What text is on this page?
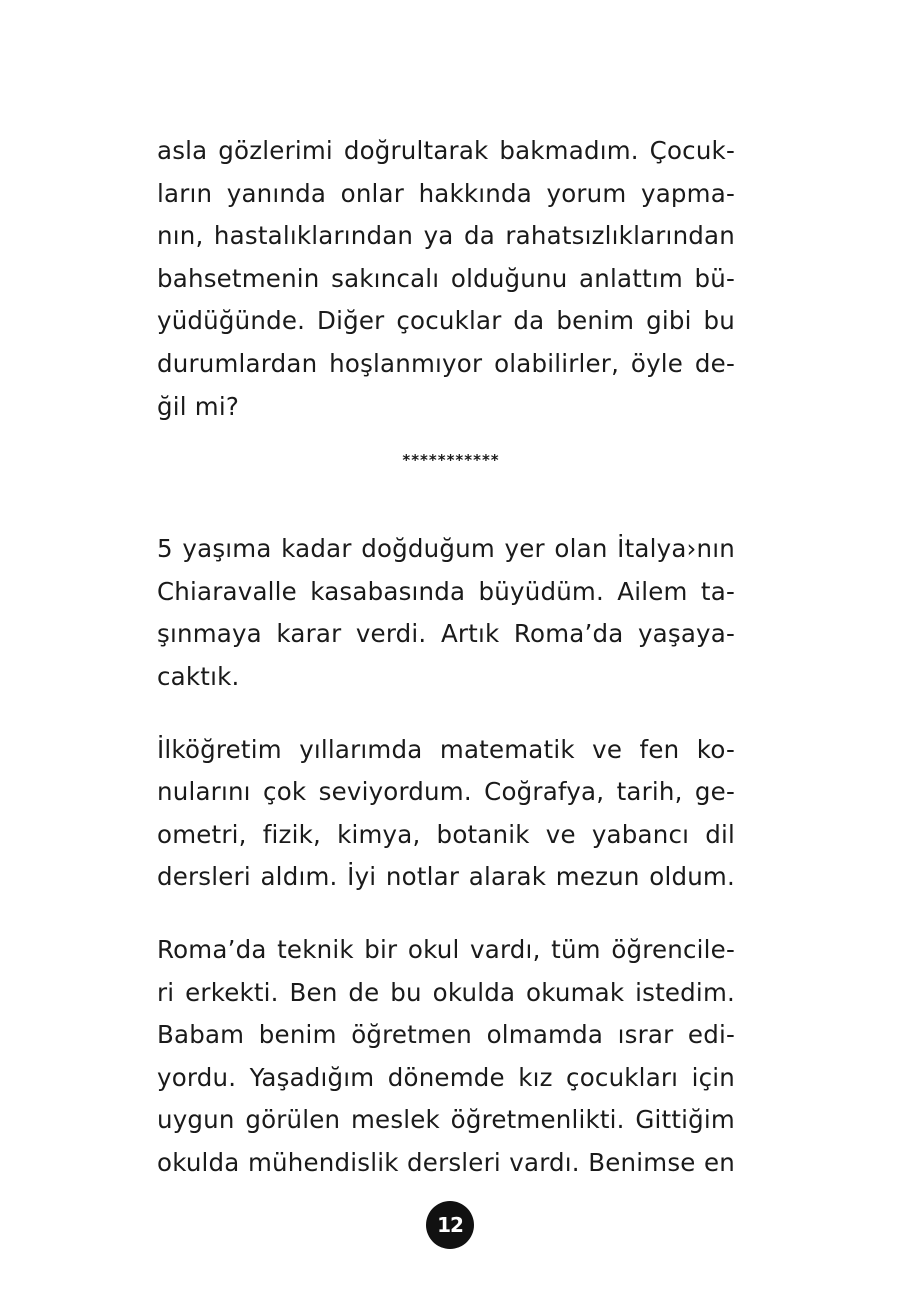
asla gözlerimi doğrultarak bakmadım. Çocuk-
ların yanında onlar hakkında yorum yapma-
nın, hastalıklarından ya da rahatsızlıklarından
bahsetmenin sakıncalı olduğunu anlattım bü-
yüdüğünde. Diğer çocuklar da benim gibi bu
durumlardan hoşlanmıyor olabilirler, öyle de-
ğil mi?
***********
5 yaşıma kadar doğduğum yer olan İtalya›nın
Chiaravalle kasabasında büyüdüm. Ailem ta-
şınmaya karar verdi. Artık Roma’da yaşaya-
caktık.
İlköğretim yıllarımda matematik ve fen ko-
nularını çok seviyordum. Coğrafya, tarih, ge-
ometri, fizik, kimya, botanik ve yabancı dil
dersleri aldım. İyi notlar alarak mezun oldum.
Roma’da teknik bir okul vardı, tüm öğrencile-
ri erkekti. Ben de bu okulda okumak istedim.
Babam benim öğretmen olmamda ısrar edi-
yordu. Yaşadığım dönemde kız çocukları için
uygun görülen meslek öğretmenlikti. Gittiğim
okulda mühendislik dersleri vardı. Benimse en
12
